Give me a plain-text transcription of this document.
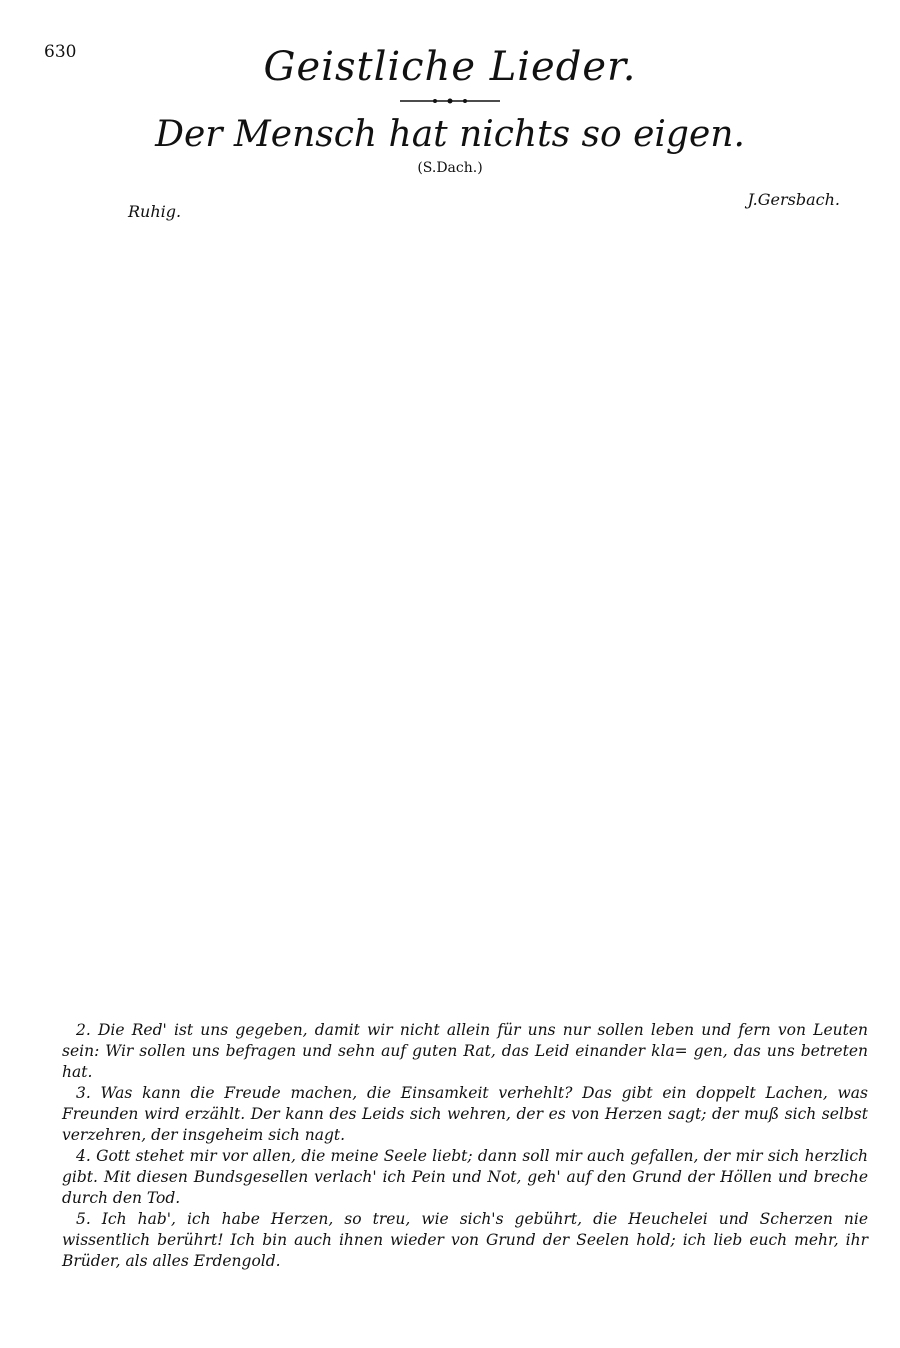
630	Geistliche Lieder.
Der Mensch hat nichts so eigen.
(S.Dach.)
J.Gersbach.
Ruhig.

2. Die Red' ist uns gegeben, damit wir nicht allein für uns nur sollen leben und fern von Leuten sein: Wir sollen uns befragen und sehn auf guten Rat, das Leid einander kla= gen, das uns betreten hat.

3. Was kann die Freude machen, die Einsamkeit verhehlt? Das gibt ein doppelt Lachen, was Freunden wird erzählt. Der kann des Leids sich wehren, der es von Herzen sagt; der muß sich selbst verzehren, der insgeheim sich nagt.

4. Gott stehet mir vor allen, die meine Seele liebt; dann soll mir auch gefallen, der mir sich herzlich gibt. Mit diesen Bundsgesellen verlach' ich Pein und Not, geh' auf den Grund der Höllen und breche durch den Tod.

5. Ich hab', ich habe Herzen, so treu, wie sich's gebührt, die Heuchelei und Scherzen nie wissentlich berührt! Ich bin auch ihnen wieder von Grund der Seelen hold; ich lieb euch mehr, ihr Brüder, als alles Erdengold.
